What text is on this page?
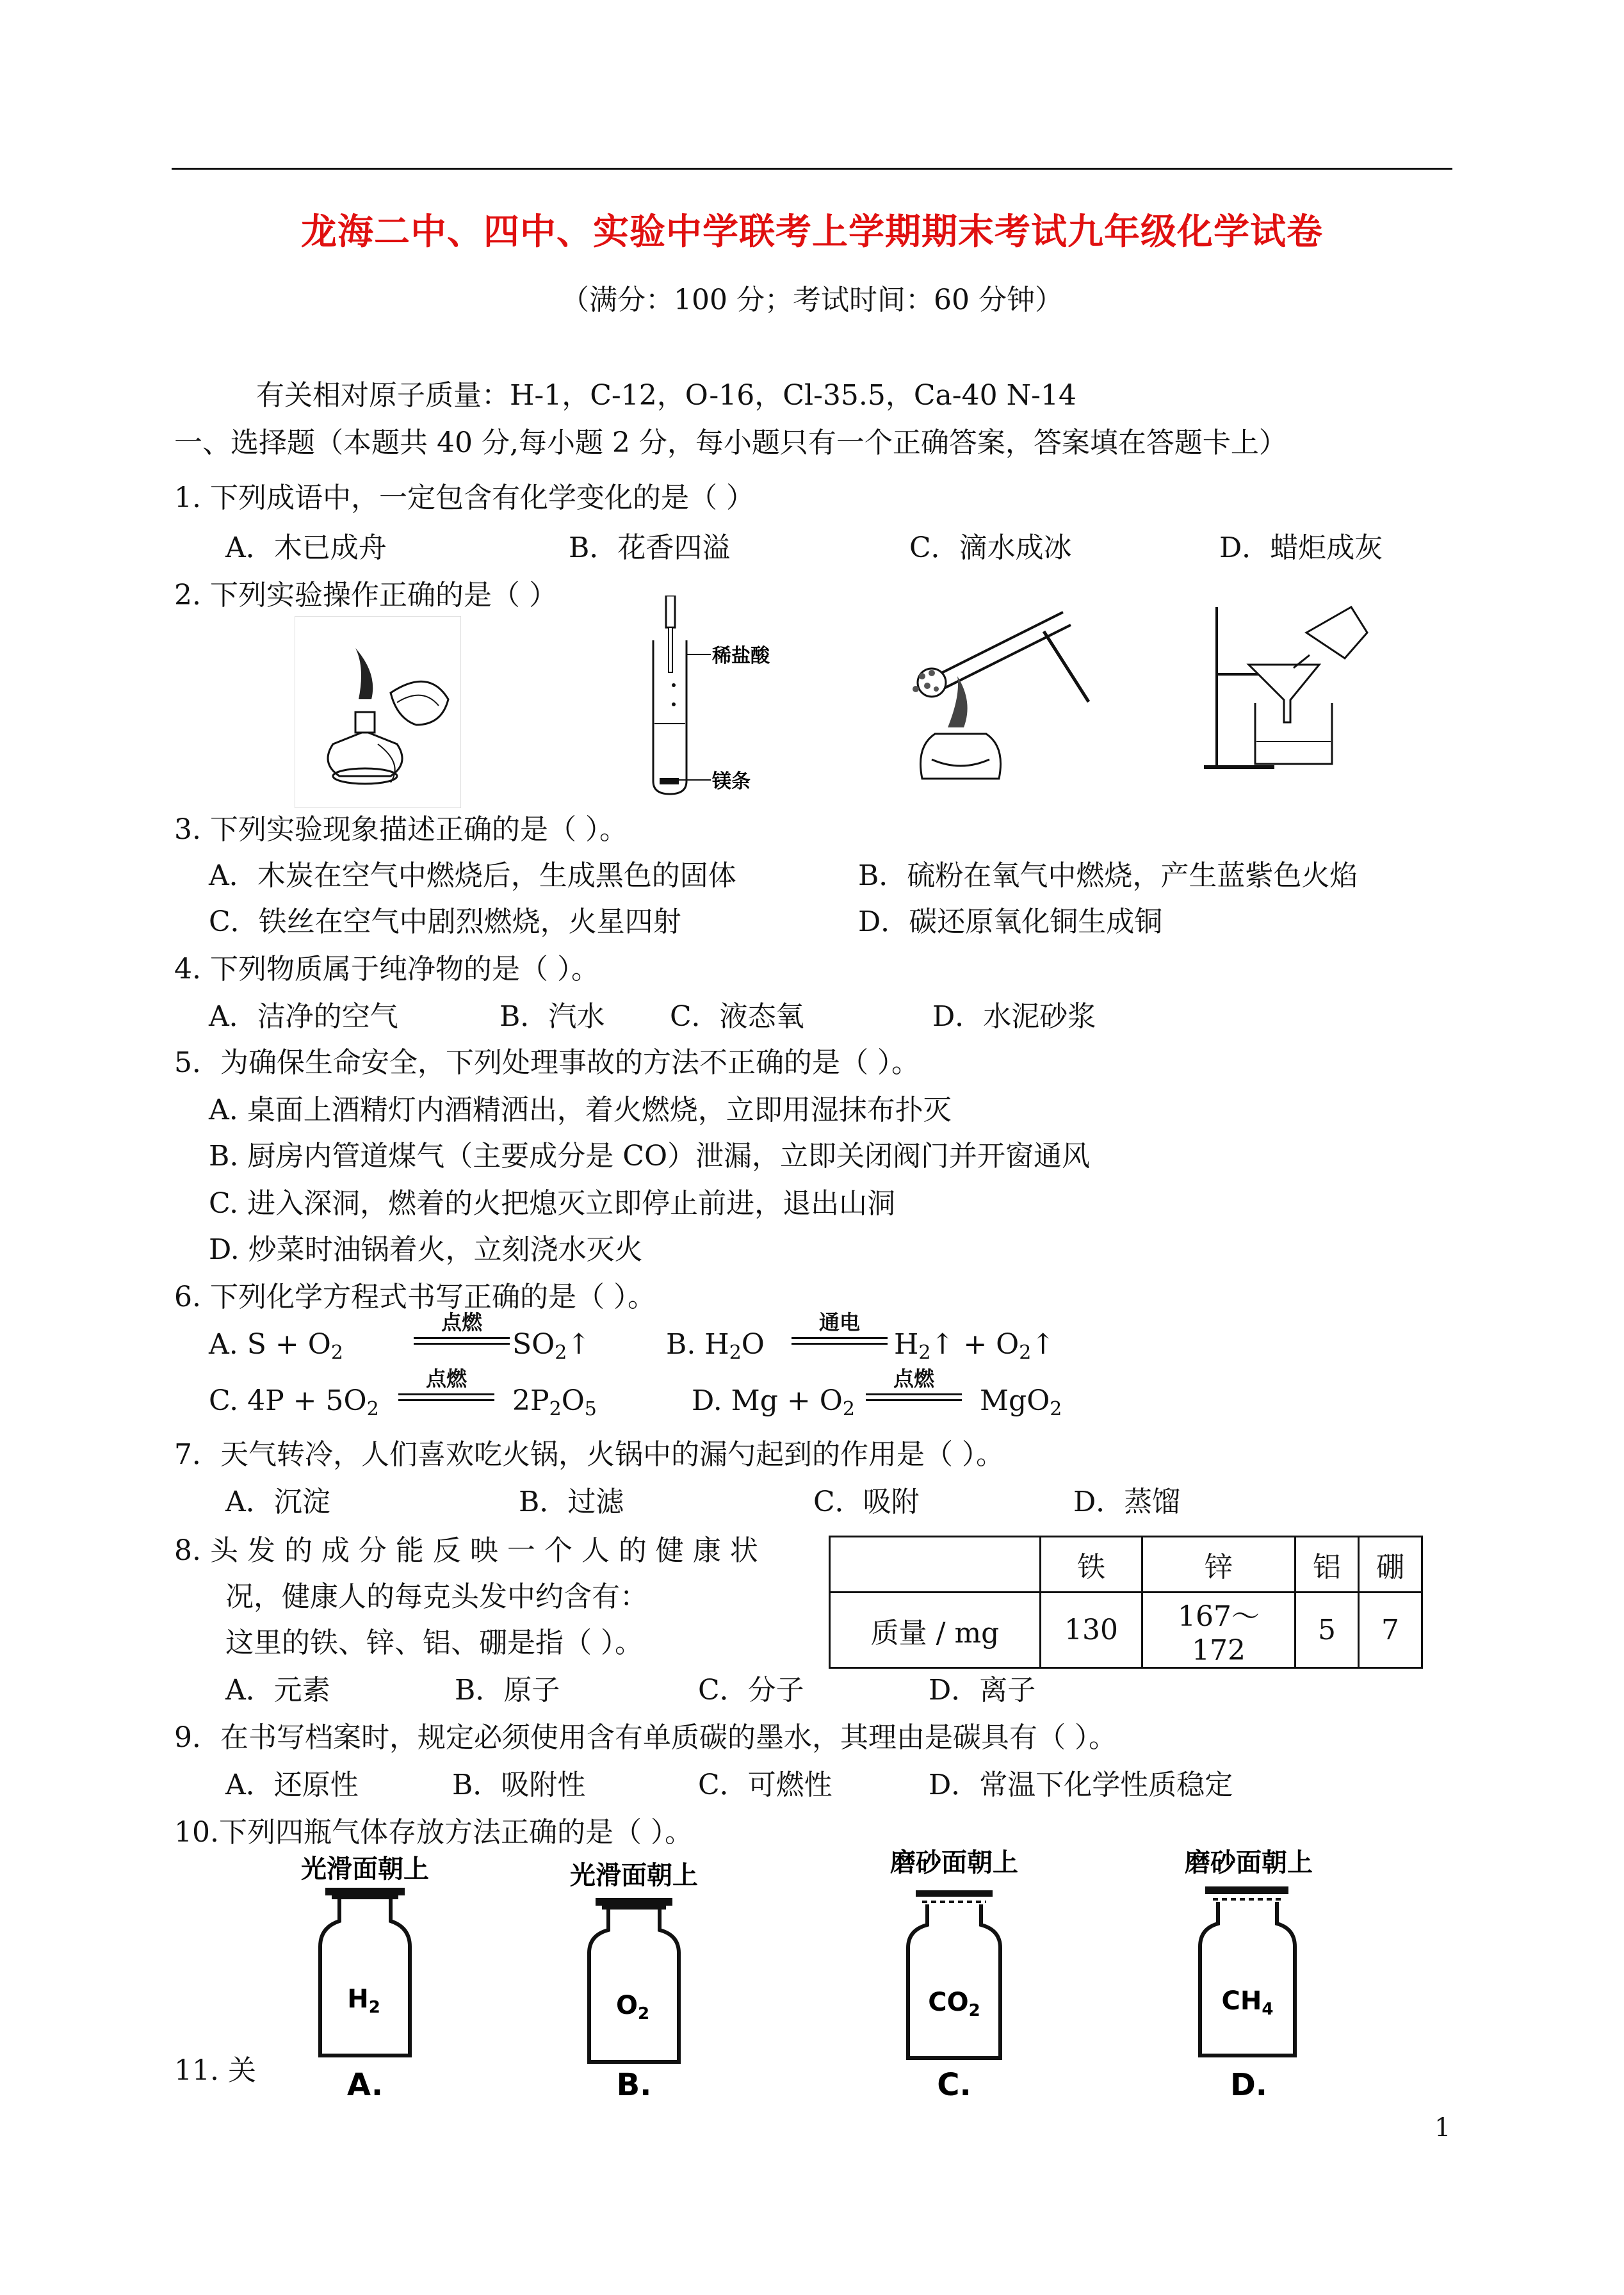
龙海二中、四中、实验中学联考上学期期末考试九年级化学试卷
（满分：100 分；考试时间：60 分钟）
有关相对原子质量：H-1，C-12，O-16，Cl-35.5，Ca-40 N-14
一、选择题（本题共 40 分,每小题 2 分，每小题只有一个正确答案，答案填在答题卡上）
1. 下列成语中，一定包含有化学变化的是（ ）
A．木已成舟	B．花香四溢	C．滴水成冰	D．蜡炬成灰
2. 下列实验操作正确的是（ ）
稀盐酸
镁条
3. 下列实验现象描述正确的是（ ）。
A．木炭在空气中燃烧后，生成黑色的固体	B．硫粉在氧气中燃烧，产生蓝紫色火焰
C．铁丝在空气中剧烈燃烧，火星四射	D．碳还原氧化铜生成铜
4. 下列物质属于纯净物的是（ ）。
A．洁净的空气	B．汽水 C．液态氧	D．水泥砂浆
5．为确保生命安全，下列处理事故的方法不正确的是（ ）。
A. 桌面上酒精灯内酒精洒出，着火燃烧，立即用湿抹布扑灭
B. 厨房内管道煤气（主要成分是 CO）泄漏，立即关闭阀门并开窗通风
C. 进入深洞，燃着的火把熄灭立即停止前进，退出山洞
D. 炒菜时油锅着火，立刻浇水灭火
6. 下列化学方程式书写正确的是（ ）。
A. $S + O_2$
点燃
$SO_2↑$	B. $H_2O$
通电
$H_2↑$ + $O_2↑$
C. $4P + 5O_2$
点燃
$2P_2O_5$	D. $Mg + O_2$
点燃
MgO$_2$
7．天气转冷，人们喜欢吃火锅，火锅中的漏勺起到的作用是（ ）。
A．沉淀	B．过滤	C．吸附	D．蒸馏
8. 头 发 的 成 分 能 反 映 一 个 人 的 健 康 状
况，健康人的每克头发中约含有：
这里的铁、锌、铝、硼是指（ ）。
	铁	锌	铝	硼
质量 / mg	130	167～172	5	7
A．元素	B．原子	C．分子	D．离子
9．在书写档案时，规定必须使用含有单质碳的墨水，其理由是碳具有（ ）。
A．还原性	B．吸附性	C．可燃性	D．常温下化学性质稳定
10.下列四瓶气体存放方法正确的是（ ）。
光滑面朝上
$H_2$
A.
光滑面朝上
$O_2$
B.
磨砂面朝上
$CO_2$
C.
磨砂面朝上
$CH_4$
D.
11. 关
1
